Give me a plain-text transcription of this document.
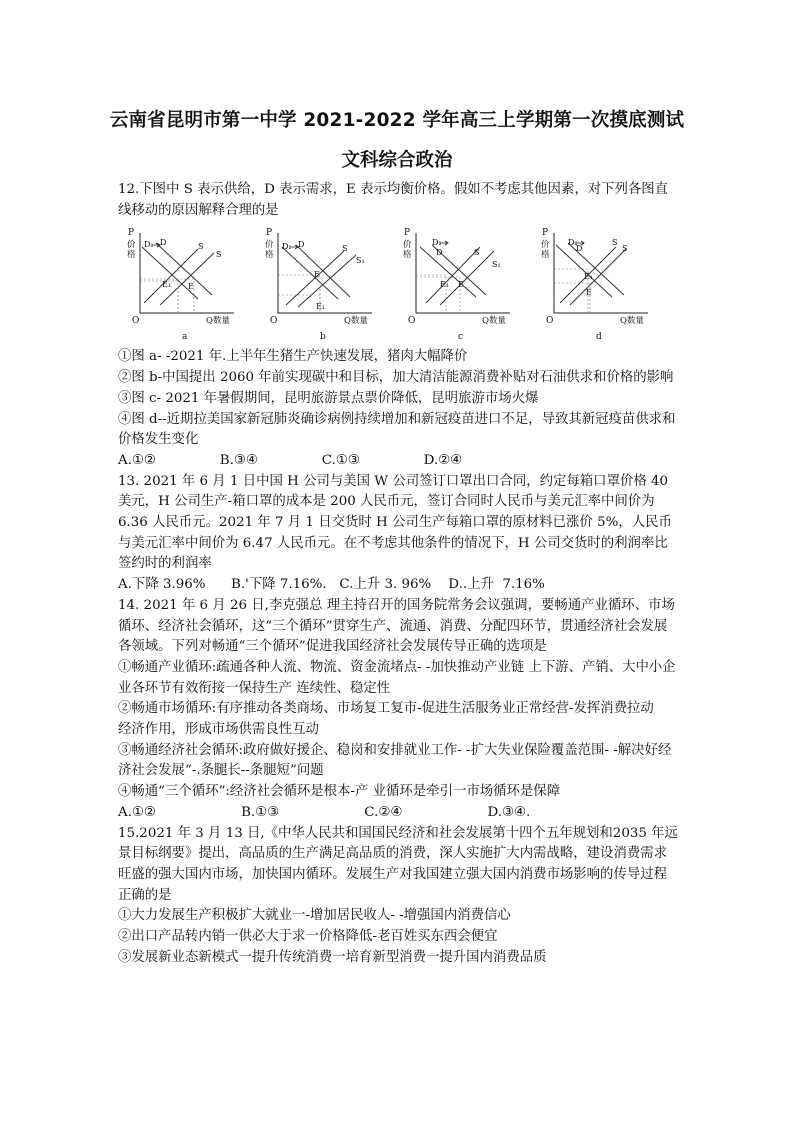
云南省昆明市第一中学 2021-2022 学年高三上学期第一次摸底测试
文科综合政治

12.下图中 S 表示供给，D 表示需求，E 表示均衡价格。假如不考虑其他因素，对下列各图直线移动的原因解释合理的是

P
价
格
O	Q数量
D₁ D	S
S
E₁ E
a
P
价
格
O	Q数量
D₁ D	S
S₁
E₁
E
b
P
价
格
O	Q数量
D₁
D	S
S₁
E₁ E
c
P
价
格
O	Q数量
D₁
D
S
S
E₁
E
d

①图 a- -2021 年.上半年生猪生产快速发展，猪肉大幅降价

②图 b-中国提出 2060 年前实现碳中和目标，加大清洁能源消费补贴对石油供求和价格的影响

③图 c- 2021 年暑假期间，昆明旅游景点票价降低，昆明旅游市场火爆

④图 d--近期拉美国家新冠肺炎确诊病例持续增加和新冠疫苗进口不足，导致其新冠疫苗供求和价格发生变化

A.①②               B.③④               C.①③               D.②④

13. 2021 年 6 月 1 日中国 H 公司与美国 W 公司签订口罩出口合同，约定每箱口罩价格 40 美元，H 公司生产-箱口罩的成本是 200 人民币元，签订合同时人民币与美元汇率中间价为 6.36 人民币元。2021 年 7 月 1 日交货时 H 公司生产每箱口罩的原材料已涨价 5%，人民币与美元汇率中间价为 6.47 人民币元。在不考虑其他条件的情况下，H 公司交货时的利润率比签约时的利润率

A.下降 3.96%      B.'下降 7.16%.   C.上升 3. 96%    D..上升  7.16%

14. 2021 年 6 月 26 日,李克强总 理主持召开的国务院常务会议强调，要畅通产业循环、市场循环、经济社会循环，这“三个循环”贯穿生产、流通、消费、分配四环节，贯通经济社会发展各领域。下列对畅通“三个循环”促进我国经济社会发展传导正确的选项是

①畅通产业循环:疏通各种人流、物流、资金流堵点- -加快推动产业链 上下游、产销、大中小企业各环节有效衔接一保持生产 连续性、稳定性

②畅通市场循环:有序推动各类商场、市场复工复市-促进生活服务业正常经营-发挥消费拉动

经济作用，形成市场供需良性互动

③畅通经济社会循环:政府做好援企、稳岗和安排就业工作- -扩大失业保险覆盖范围- -解决好经济社会发展“-.条腿长--条腿短”问题

④畅通“三个循环”:经济社会循环是根本-产 业循环是牵引一市场循环是保障

A.①②                    B.①③                    C.②④                    D.③④.

15.2021 年 3 月 13 日,《中华人民共和国国民经济和社会发展第十四个五年规划和2035 年远景目标纲要》提出，高品质的生产满足高品质的消费，深人实施扩大内需战略，建设消费需求旺盛的强大国内市场，加快国内循环。发展生产对我国建立强大国内消费市场影响的传导过程正确的是

①大力发展生产积极扩大就业一-增加居民收人- -增强国内消费信心

②出口产品转内销一供必大于求一价格降低-老百姓买东西会便宜

③发展新业态新模式一提升传统消费一培育新型消费一提升国内消费品质
